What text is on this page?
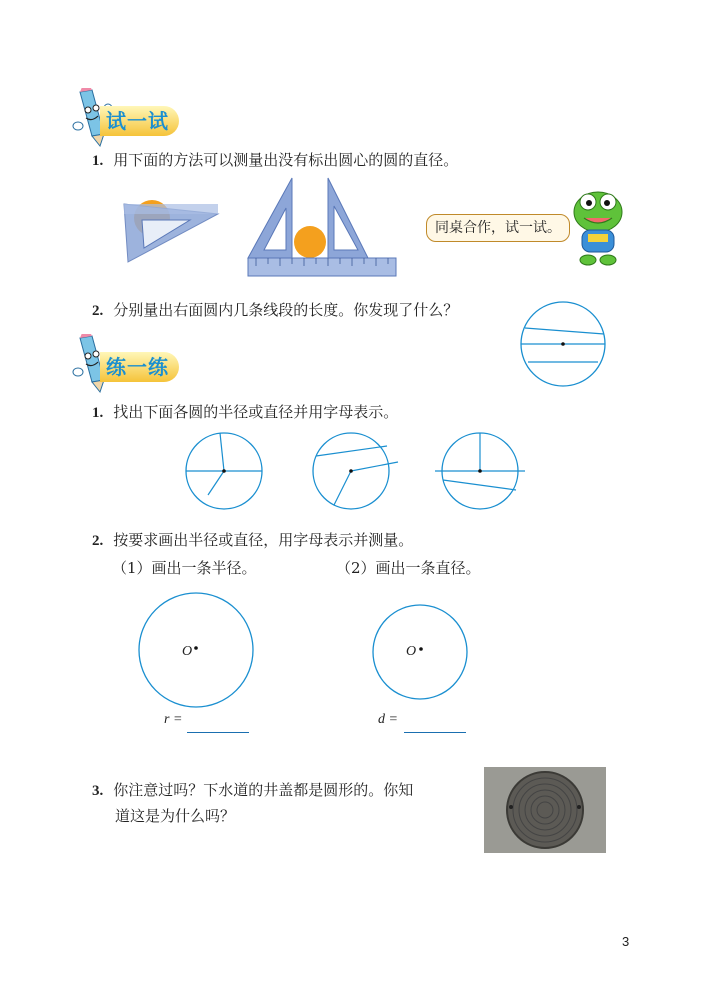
试一试
1. 用下面的方法可以测量出没有标出圆心的圆的直径。
同桌合作，试一试。
2. 分别量出右面圆内几条线段的长度。你发现了什么？
练一练
1. 找出下面各圆的半径或直径并用字母表示。
2. 按要求画出半径或直径，用字母表示并测量。
（1）画出一条半径。	（2）画出一条直径。
O	O
r =	d =
3. 你注意过吗？下水道的井盖都是圆形的。你知
道这是为什么吗？
3
